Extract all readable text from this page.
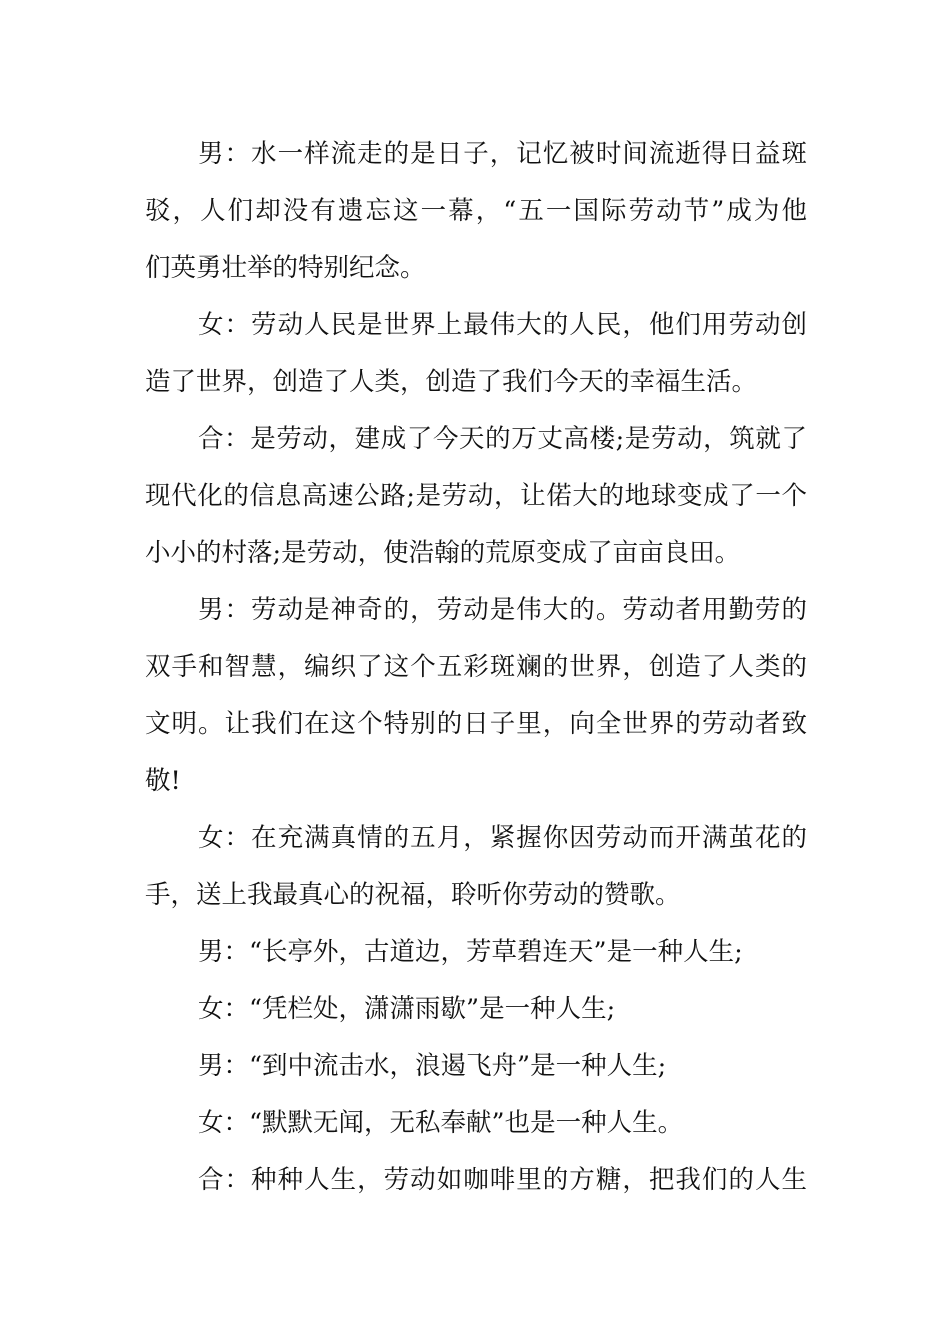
男：水一样流走的是日子，记忆被时间流逝得日益斑
驳，人们却没有遗忘这一幕，“五一国际劳动节”成为他
们英勇壮举的特别纪念。
女：劳动人民是世界上最伟大的人民，他们用劳动创
造了世界，创造了人类，创造了我们今天的幸福生活。
合：是劳动，建成了今天的万丈高楼;是劳动，筑就了
现代化的信息高速公路;是劳动，让偌大的地球变成了一个
小小的村落;是劳动，使浩翰的荒原变成了亩亩良田。
男：劳动是神奇的，劳动是伟大的。劳动者用勤劳的
双手和智慧，编织了这个五彩斑斓的世界，创造了人类的
文明。让我们在这个特别的日子里，向全世界的劳动者致
敬!
女：在充满真情的五月，紧握你因劳动而开满茧花的
手，送上我最真心的祝福，聆听你劳动的赞歌。
男：“长亭外，古道边，芳草碧连天”是一种人生;
女：“凭栏处，潇潇雨歇”是一种人生;
男：“到中流击水，浪遏飞舟”是一种人生;
女：“默默无闻，无私奉献”也是一种人生。
合：种种人生，劳动如咖啡里的方糖，把我们的人生
